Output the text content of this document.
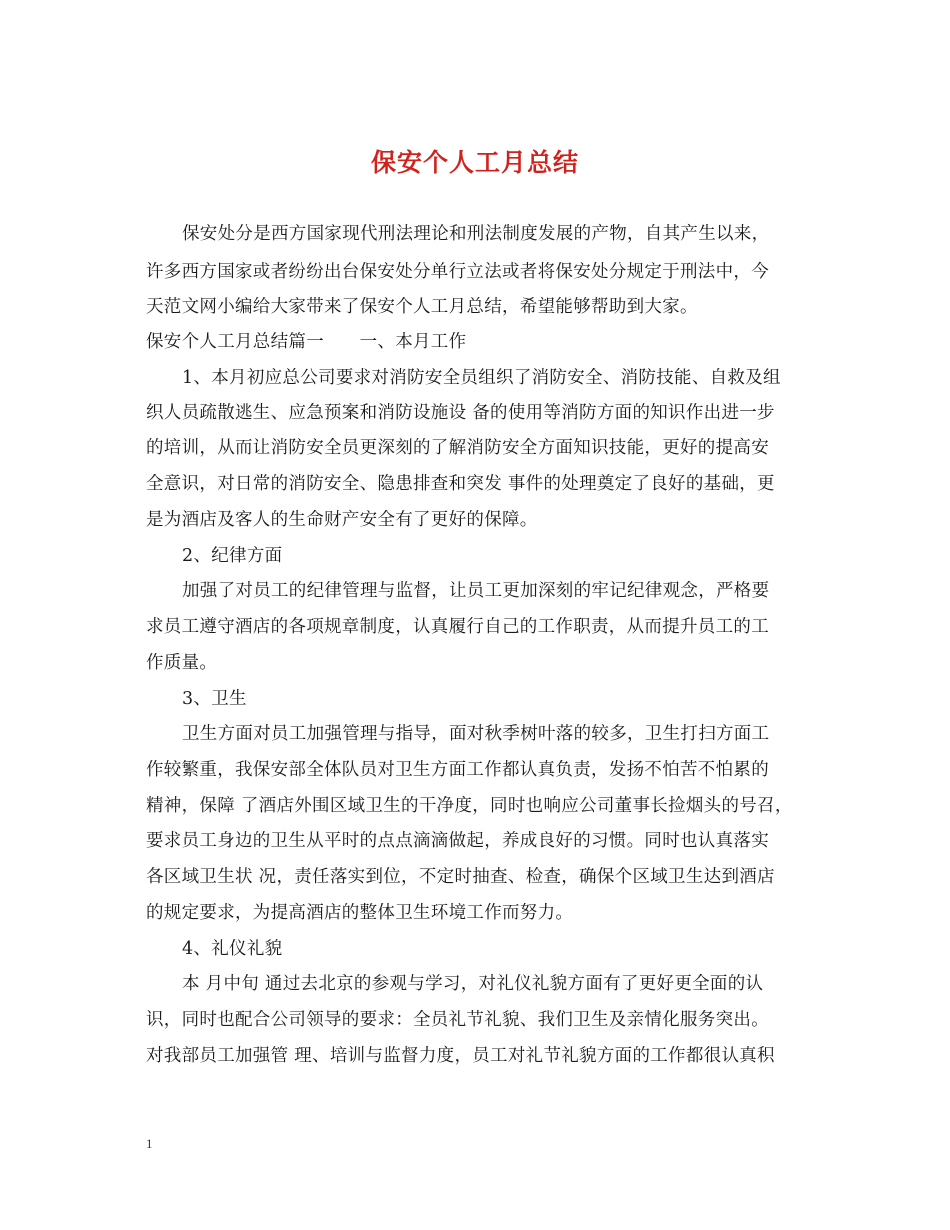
保安个人工月总结
保安处分是西方国家现代刑法理论和刑法制度发展的产物，自其产生以来，
许多西方国家或者纷纷出台保安处分单行立法或者将保安处分规定于刑法中，今
天范文网小编给大家带来了保安个人工月总结，希望能够帮助到大家。
保安个人工月总结篇一　　一、本月工作
1、本月初应总公司要求对消防安全员组织了消防安全、消防技能、自救及组
织人员疏散逃生、应急预案和消防设施设 备的使用等消防方面的知识作出进一步
的培训，从而让消防安全员更深刻的了解消防安全方面知识技能，更好的提高安
全意识，对日常的消防安全、隐患排查和突发 事件的处理奠定了良好的基础，更
是为酒店及客人的生命财产安全有了更好的保障。
2、纪律方面
加强了对员工的纪律管理与监督，让员工更加深刻的牢记纪律观念，严格要
求员工遵守酒店的各项规章制度，认真履行自己的工作职责，从而提升员工的工
作质量。
3、卫生
卫生方面对员工加强管理与指导，面对秋季树叶落的较多，卫生打扫方面工
作较繁重，我保安部全体队员对卫生方面工作都认真负责，发扬不怕苦不怕累的
精神，保障 了酒店外围区域卫生的干净度，同时也响应公司董事长捡烟头的号召，
要求员工身边的卫生从平时的点点滴滴做起，养成良好的习惯。同时也认真落实
各区域卫生状 况，责任落实到位，不定时抽查、检查，确保个区域卫生达到酒店
的规定要求，为提高酒店的整体卫生环境工作而努力。
4、礼仪礼貌
本 月中旬 通过去北京的参观与学习，对礼仪礼貌方面有了更好更全面的认
识，同时也配合公司领导的要求：全员礼节礼貌、我们卫生及亲情化服务突出。
对我部员工加强管 理、培训与监督力度，员工对礼节礼貌方面的工作都很认真积
1
